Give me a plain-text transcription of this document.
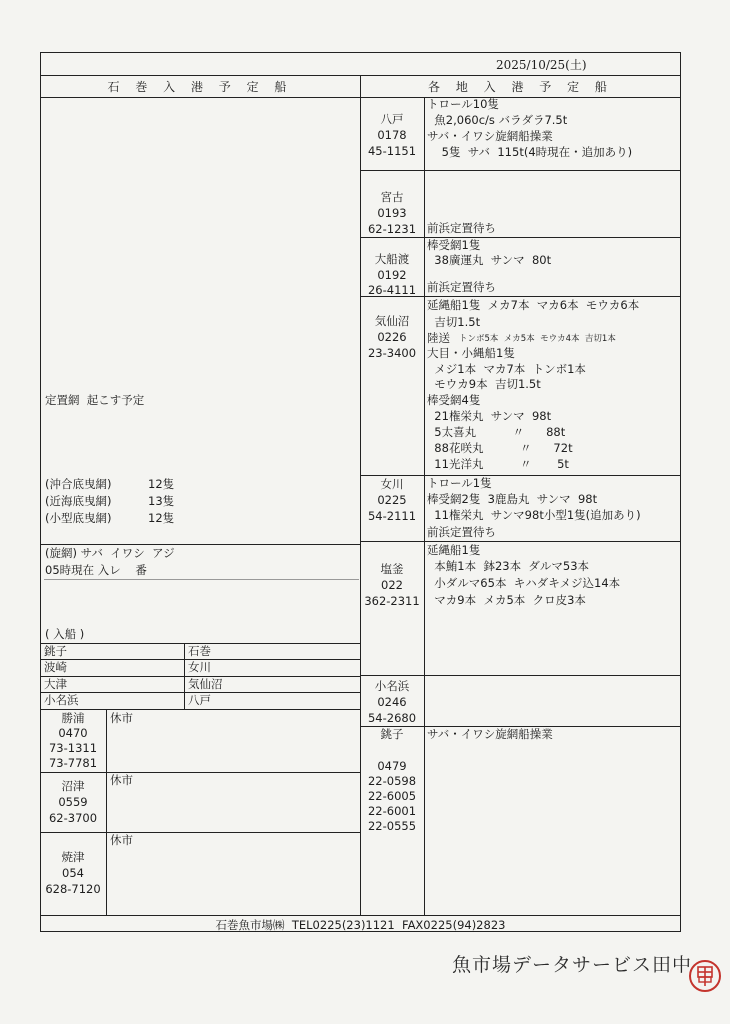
2025/10/25(土)
石 巻 入 港 予 定 船	各 地 入 港 予 定 船
定置網  起こす予定
(沖合底曳網)	12隻
(近海底曳網)	13隻
(小型底曳網)	12隻
(旋網) サバ  イワシ  アジ
05時現在 入レ    番
( 入船 )
銚子	石巻
波崎	女川
大津	気仙沼
小名浜	八戸
勝浦
0470
73-1311
73-7781
休市
沼津
0559
62-3700
休市
焼津
054
628-7120
休市
八戸
0178
45-1151
トロール10隻
魚2,060c/s バラダラ7.5t
サバ・イワシ旋網船操業
5隻  サバ  115t(4時現在・追加あり)
宮古
0193
62-1231 前浜定置待ち
大船渡
0192
26-4111
棒受網1隻
38廣運丸  サンマ  80t
前浜定置待ち
気仙沼
0226
23-3400
延縄船1隻  メカ7本  マカ6本  モウカ6本
吉切1.5t
陸送 トンボ5本  メカ5本  モウカ4本  吉切1本
大目・小縄船1隻
メジ1本  マカ7本  トンボ1本
モウカ9本  吉切1.5t
棒受網4隻
21権栄丸  サンマ  98t
5太喜丸          〃      88t
88花咲丸          〃      72t
11光洋丸          〃       5t
女川
0225
54-2111
トロール1隻
棒受網2隻  3鹿島丸  サンマ  98t
11権栄丸  サンマ98t小型1隻(追加あり)
前浜定置待ち
塩釜
022
362-2311
延縄船1隻
本鮪1本  鉢23本  ダルマ53本
小ダルマ65本  キハダキメジ込14本
マカ9本  メカ5本  クロ皮3本
小名浜
0246
54-2680
銚子
0479
22-0598
22-6005
22-6001
22-0555
サバ・イワシ旋網船操業
石巻魚市場㈱  TEL0225(23)1121  FAX0225(94)2823
魚市場データサービス田中
